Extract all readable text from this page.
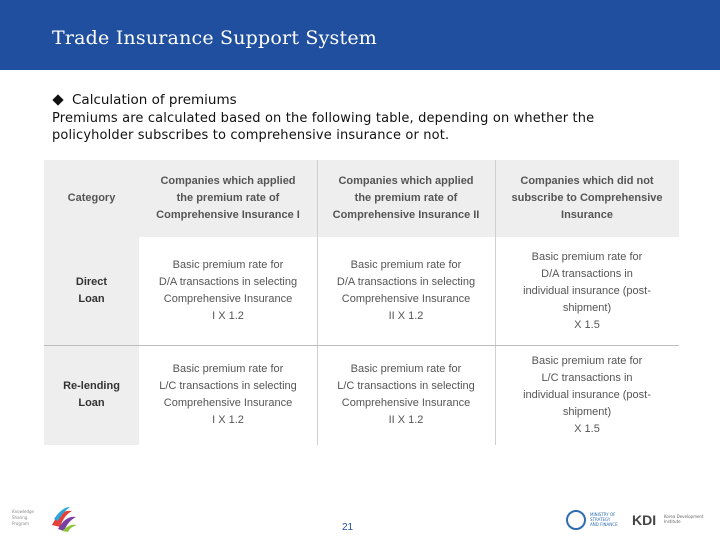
Trade Insurance Support System
Calculation of premiums
Premiums are calculated based on the following table, depending on whether the policyholder subscribes to comprehensive insurance or not.
Category
Companies which applied
the premium rate of
Comprehensive Insurance I
Companies which applied
the premium rate of
Comprehensive Insurance II
Companies which did not
subscribe to Comprehensive
Insurance
Direct
Loan
Basic premium rate for
D/A transactions in selecting
Comprehensive Insurance
I X 1.2
Basic premium rate for
D/A transactions in selecting
Comprehensive Insurance
II X 1.2
Basic premium rate for
D/A transactions in
individual insurance (post-
shipment)
X 1.5
Re-lending
Loan
Basic premium rate for
L/C transactions in selecting
Comprehensive Insurance
I X 1.2
Basic premium rate for
L/C transactions in selecting
Comprehensive Insurance
II X 1.2
Basic premium rate for
L/C transactions in
individual insurance (post-
shipment)
X 1.5
Knowledge
Sharing
Program	21
MINISTRY OF
STRATEGY
AND FINANCE KDI Korea Development
Institute
